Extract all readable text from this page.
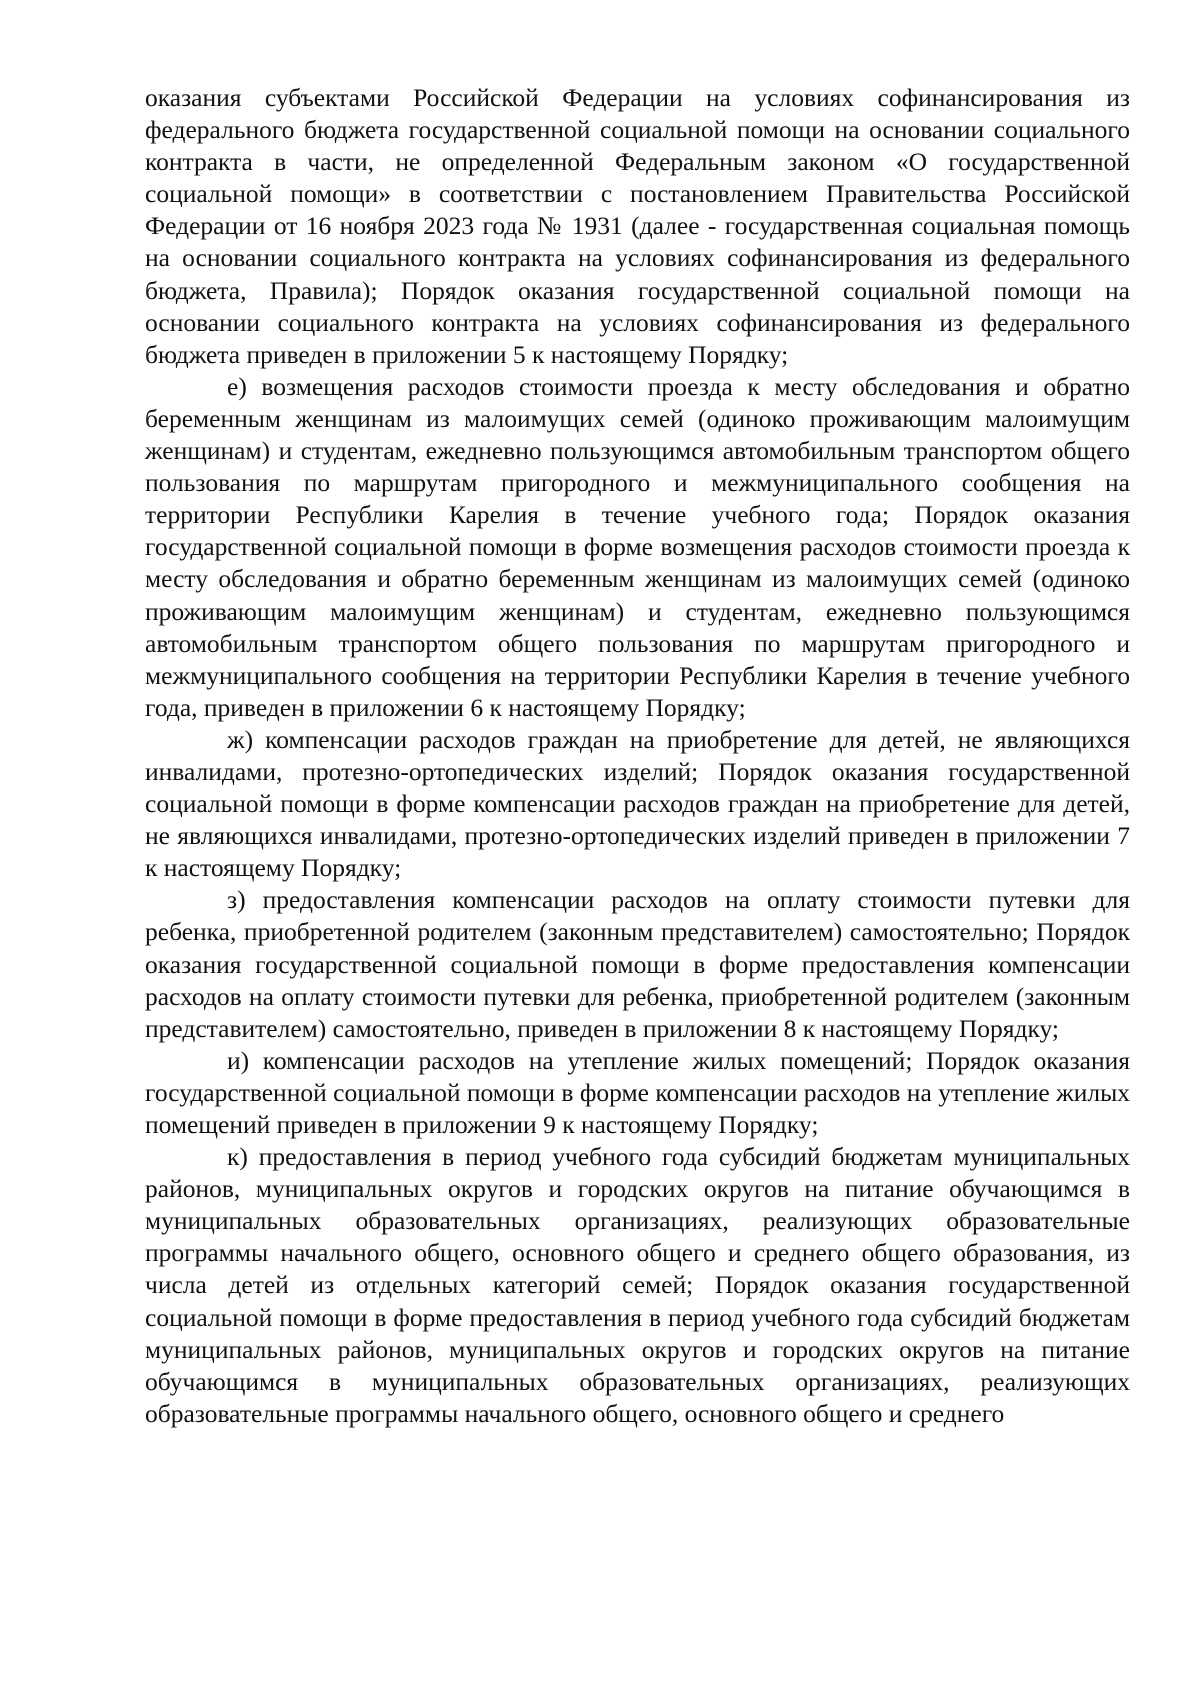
оказания субъектами Российской Федерации на условиях софинансирования из федерального бюджета государственной социальной помощи на основании социального контракта в части, не определенной Федеральным законом «О государственной социальной помощи» в соответствии с постановлением Правительства Российской Федерации от 16 ноября 2023 года № 1931 (далее - государственная социальная помощь на основании социального контракта на условиях софинансирования из федерального бюджета, Правила); Порядок оказания государственной социальной помощи на основании социального контракта на условиях софинансирования из федерального бюджета приведен в приложении 5 к настоящему Порядку;

е) возмещения расходов стоимости проезда к месту обследования и обратно беременным женщинам из малоимущих семей (одиноко проживающим малоимущим женщинам) и студентам, ежедневно пользующимся автомобильным транспортом общего пользования по маршрутам пригородного и межмуниципального сообщения на территории Республики Карелия в течение учебного года; Порядок оказания государственной социальной помощи в форме возмещения расходов стоимости проезда к месту обследования и обратно беременным женщинам из малоимущих семей (одиноко проживающим малоимущим женщинам) и студентам, ежедневно пользующимся автомобильным транспортом общего пользования по маршрутам пригородного и межмуниципального сообщения на территории Республики Карелия в течение учебного года, приведен в приложении 6 к настоящему Порядку;

ж) компенсации расходов граждан на приобретение для детей, не являющихся инвалидами, протезно-ортопедических изделий; Порядок оказания государственной социальной помощи в форме компенсации расходов граждан на приобретение для детей, не являющихся инвалидами, протезно-ортопедических изделий приведен в приложении 7 к настоящему Порядку;

з) предоставления компенсации расходов на оплату стоимости путевки для ребенка, приобретенной родителем (законным представителем) самостоятельно; Порядок оказания государственной социальной помощи в форме предоставления компенсации расходов на оплату стоимости путевки для ребенка, приобретенной родителем (законным представителем) самостоятельно, приведен в приложении 8 к настоящему Порядку;

и) компенсации расходов на утепление жилых помещений; Порядок оказания государственной социальной помощи в форме компенсации расходов на утепление жилых помещений приведен в приложении 9 к настоящему Порядку;

к) предоставления в период учебного года субсидий бюджетам муниципальных районов, муниципальных округов и городских округов на питание обучающимся в муниципальных образовательных организациях, реализующих образовательные программы начального общего, основного общего и среднего общего образования, из числа детей из отдельных категорий семей; Порядок оказания государственной социальной помощи в форме предоставления в период учебного года субсидий бюджетам муниципальных районов, муниципальных округов и городских округов на питание обучающимся в муниципальных образовательных организациях, реализующих образовательные программы начального общего, основного общего и среднего
